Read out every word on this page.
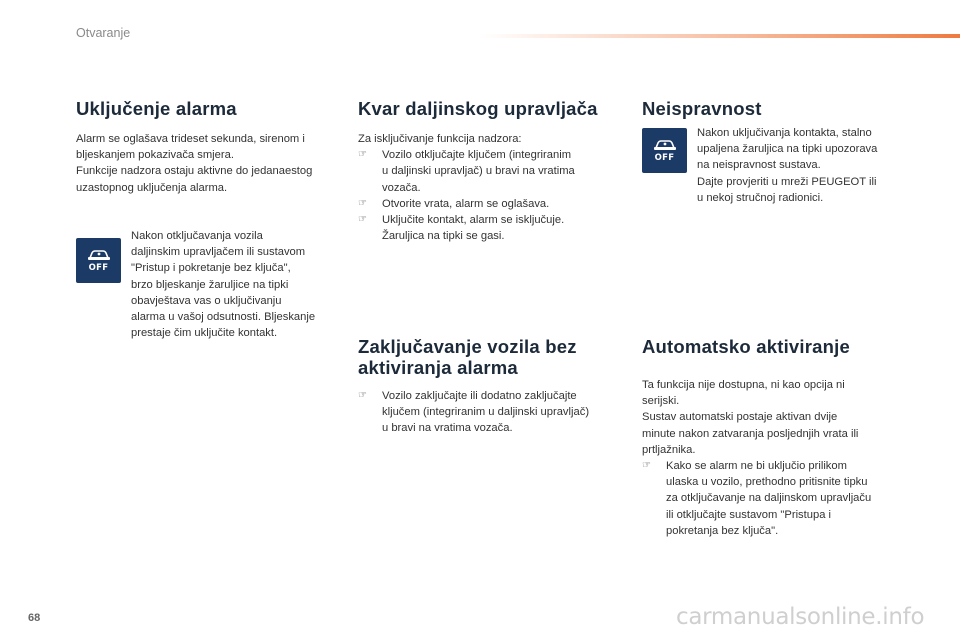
Otvaranje
Uključenje alarma

Alarm se oglašava trideset sekunda, sirenom i

bljeskanjem pokazivača smjera.

Funkcije nadzora ostaju aktivne do jedanaestog

uzastopnog uključenja alarma.

OFF

Nakon otključavanja vozila

daljinskim upravljačem ili sustavom

"Pristup i pokretanje bez ključa",

brzo bljeskanje žaruljice na tipki

obavještava vas o uključivanju

alarma u vašoj odsutnosti. Bljeskanje

prestaje čim uključite kontakt.

Kvar daljinskog upravljača

Za isključivanje funkcija nadzora:

☞	Vozilo otključajte ključem (integriranim
u daljinski upravljač) u bravi na vratima
vozača.
☞	Otvorite vrata, alarm se oglašava.
☞	Uključite kontakt, alarm se isključuje.
Žaruljica na tipki se gasi.
Zaključavanje vozila bez
aktiviranja alarma
☞	Vozilo zaključajte ili dodatno zaključajte
ključem (integriranim u daljinski upravljač)
u bravi na vratima vozača.
Neispravnost
OFF

Nakon uključivanja kontakta, stalno

upaljena žaruljica na tipki upozorava

na neispravnost sustava.

Dajte provjeriti u mreži PEUGEOT ili

u nekoj stručnoj radionici.

Automatsko aktiviranje

Ta funkcija nije dostupna, ni kao opcija ni

serijski.

Sustav automatski postaje aktivan dvije

minute nakon zatvaranja posljednjih vrata ili

prtljažnika.

☞	Kako se alarm ne bi uključio prilikom
ulaska u vozilo, prethodno pritisnite tipku
za otključavanje na daljinskom upravljaču
ili otključajte sustavom "Pristupa i
pokretanja bez ključa".
68	carmanualsonline.info
